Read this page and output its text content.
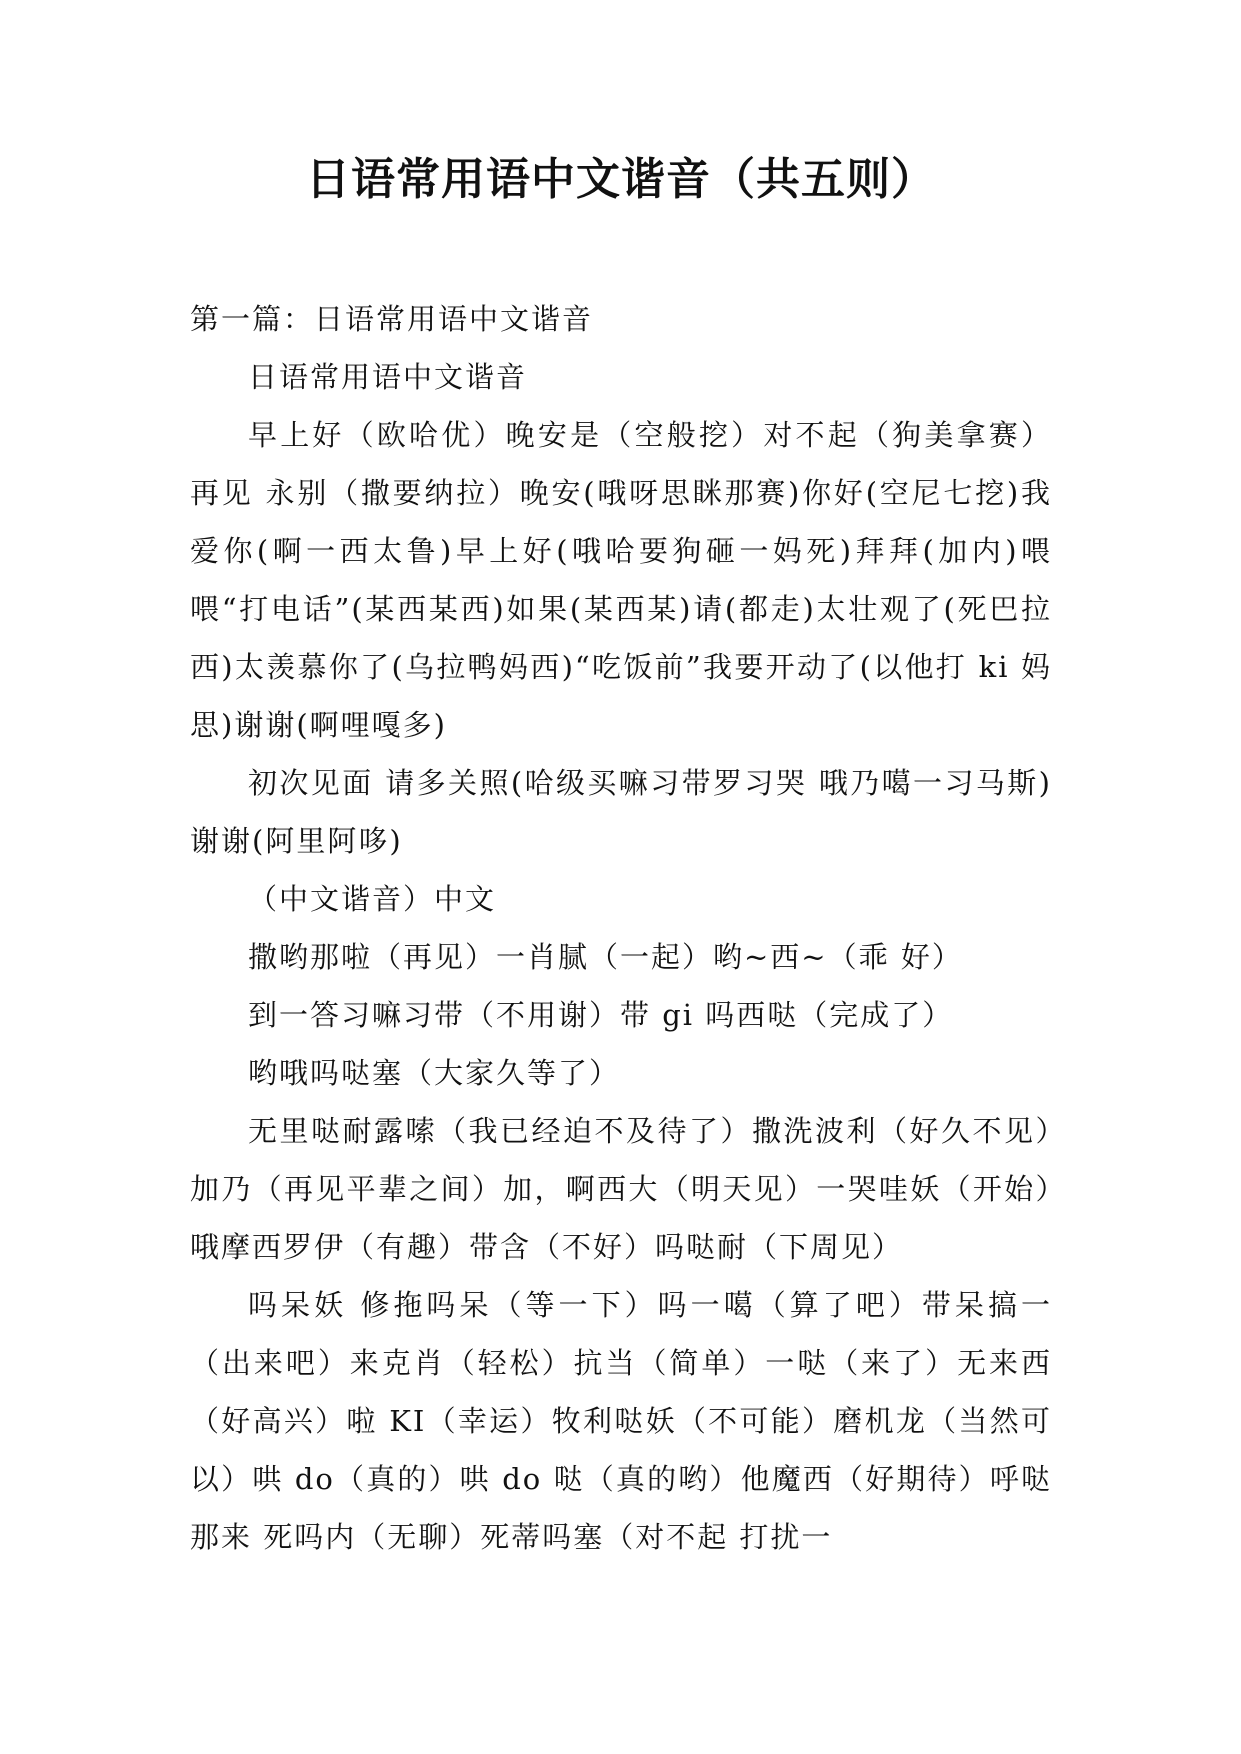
日语常用语中文谐音（共五则）

第一篇：日语常用语中文谐音

日语常用语中文谐音

早上好（欧哈优）晚安是（空般挖）对不起（狗美拿赛）再见 永别（撒要纳拉）晚安(哦呀思眯那赛)你好(空尼七挖)我爱你(啊一西太鲁)早上好(哦哈要狗砸一妈死)拜拜(加内)喂喂“打电话”(某西某西)如果(某西某)请(都走)太壮观了(死巴拉西)太羡慕你了(乌拉鸭妈西)“吃饭前”我要开动了(以他打 ki 妈思)谢谢(啊哩嘎多)

初次见面 请多关照(哈级买嘛习带罗习哭 哦乃噶一习马斯)谢谢(阿里阿哆)

（中文谐音）中文

撒哟那啦（再见）一肖腻（一起）哟~西~（乖 好）

到一答习嘛习带（不用谢）带 gi 吗西哒（完成了）

哟哦吗哒塞（大家久等了）

无里哒耐露嗦（我已经迫不及待了）撒洗波利（好久不见）加乃（再见平辈之间）加，啊西大（明天见）一哭哇妖（开始）哦摩西罗伊（有趣）带含（不好）吗哒耐（下周见）

吗呆妖 修拖吗呆（等一下）吗一噶（算了吧）带呆搞一（出来吧）来克肖（轻松）抗当（简单）一哒（来了）无来西（好高兴）啦 KI（幸运）牧利哒妖（不可能）磨机龙（当然可以）哄 do（真的）哄 do 哒（真的哟）他魔西（好期待）呼哒那来 死吗内（无聊）死蒂吗塞（对不起 打扰一
